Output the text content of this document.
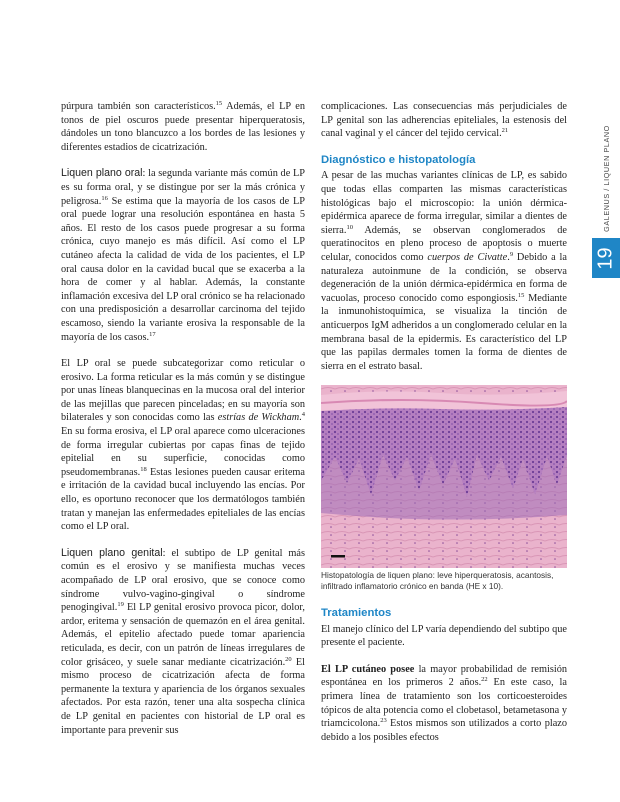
GALENUS / LIQUEN PLANO
19

púrpura también son característicos.$^{15}$ Además, el LP en tonos de piel oscuros puede presentar hiperqueratosis, dándoles un tono blancuzco a los bordes de las lesiones y diferentes estadios de cicatrización.

Liquen plano oral: la segunda variante más común de LP es su forma oral, y se distingue por ser la más crónica y peligrosa.$^{16}$ Se estima que la mayoría de los casos de LP oral puede lograr una resolución espontánea en hasta 5 años. El resto de los casos puede progresar a su forma crónica, cuyo manejo es más difícil. Así como el LP cutáneo afecta la calidad de vida de los pacientes, el LP oral causa dolor en la cavidad bucal que se exacerba a la hora de comer y al hablar. Además, la constante inflamación excesiva del LP oral crónico se ha relacionado con una predisposición a desarrollar carcinoma del tejido escamoso, siendo la variante erosiva la responsable de la mayoría de los casos.$^{17}$

El LP oral se puede subcategorizar como reticular o erosivo. La forma reticular es la más común y se distingue por unas líneas blanquecinas en la mucosa oral del interior de las mejillas que parecen pinceladas; en su mayoría son bilaterales y son conocidas como las estrías de Wickham.$^4$ En su forma erosiva, el LP oral aparece como ulceraciones de forma irregular cubiertas por capas finas de tejido epitelial en su superficie, conocidas como pseudomembranas.$^{18}$ Estas lesiones pueden causar eritema e irritación de la cavidad bucal incluyendo las encías. Por ello, es oportuno reconocer que los dermatólogos también tratan y manejan las enfermedades epiteliales de las encías como el LP oral.

Liquen plano genital: el subtipo de LP genital más común es el erosivo y se manifiesta muchas veces acompañado de LP oral erosivo, que se conoce como síndrome vulvo-vagino-gingival o síndrome penogingival.$^{19}$ El LP genital erosivo provoca picor, dolor, ardor, eritema y sensación de quemazón en el área genital. Además, el epitelio afectado puede tomar apariencia reticulada, es decir, con un patrón de líneas irregulares de color grisáceo, y suele sanar mediante cicatrización.$^{20}$ El mismo proceso de cicatrización afecta de forma permanente la textura y apariencia de los órganos sexuales afectados. Por esta razón, tener una alta sospecha clínica de LP genital en pacientes con historial de LP oral es importante para prevenir sus

complicaciones. Las consecuencias más perjudiciales de LP genital son las adherencias epiteliales, la estenosis del canal vaginal y el cáncer del tejido cervical.$^{21}$

Diagnóstico e histopatología

A pesar de las muchas variantes clínicas de LP, es sabido que todas ellas comparten las mismas características histológicas bajo el microscopio: la unión dérmica-epidérmica aparece de forma irregular, similar a dientes de sierra.$^{10}$ Además, se observan conglomerados de queratinocitos en pleno proceso de apoptosis o muerte celular, conocidos como cuerpos de Civatte.$^9$ Debido a la naturaleza autoinmune de la condición, se observa degeneración de la unión dérmica-epidérmica en forma de vacuolas, proceso conocido como espongiosis.$^{15}$ Mediante la inmunohistoquímica, se visualiza la tinción de anticuerpos IgM adheridos a un conglomerado celular en la membrana basal de la epidermis. Es característico del LP que las papilas dermales tomen la forma de dientes de sierra en el estrato basal.

Histopatología de liquen plano: leve hiperqueratosis, acantosis, infiltrado inflamatorio crónico en banda (HE x 10).

Tratamientos

El manejo clínico del LP varía dependiendo del subtipo que presente el paciente.

El LP cutáneo posee la mayor probabilidad de remisión espontánea en los primeros 2 años.$^{22}$ En este caso, la primera línea de tratamiento son los corticoesteroides tópicos de alta potencia como el clobetasol, betametasona y triamcicolona.$^{23}$ Estos mismos son utilizados a corto plazo debido a los posibles efectos
